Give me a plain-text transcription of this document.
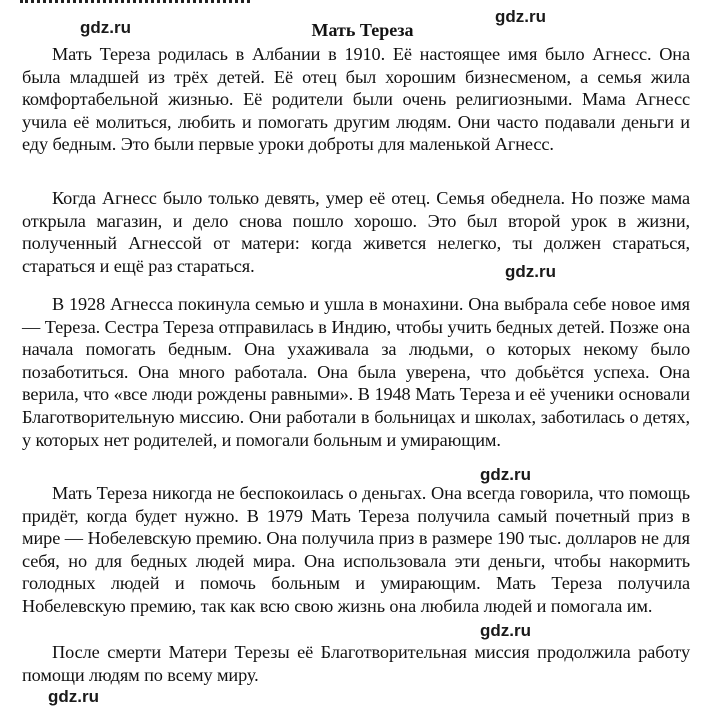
gdz.ru
gdz.ru
Мать Тереза

Мать Тереза родилась в Албании в 1910. Её настоящее имя было Агнесс. Она была младшей из трёх детей. Её отец был хорошим бизнесменом, а семья жила комфортабельной жизнью. Её родители были очень религиозными. Мама Агнесс учила её молиться, любить и помогать другим людям. Они часто подавали деньги и еду бедным. Это были первые уроки доброты для маленькой Агнесс.

Когда Агнесс было только девять, умер её отец. Семья обеднела. Но позже мама открыла магазин, и дело снова пошло хорошо. Это был второй урок в жизни, полученный Агнессой от матери: когда живется нелегко, ты должен стараться, стараться и ещё раз стараться.

В 1928 Агнесса покинула семью и ушла в монахини. Она выбрала себе новое имя — Тереза. Сестра Тереза отправилась в Индию, чтобы учить бедных детей. Позже она начала помогать бедным. Она ухаживала за людьми, о которых некому было позаботиться. Она много работала. Она была уверена, что добьётся успеха. Она верила, что «все люди рождены равными». В 1948 Мать Тереза и её ученики основали Благотворительную миссию. Они работали в больницах и школах, заботилась о детях, у которых нет родителей, и помогали больным и умирающим.

Мать Тереза никогда не беспокоилась о деньгах. Она всегда говорила, что помощь придёт, когда будет нужно. В 1979 Мать Тереза получила самый почетный приз в мире — Нобелевскую премию. Она получила приз в размере 190 тыс. долларов не для себя, но для бедных людей мира. Она использовала эти деньги, чтобы накормить голодных людей и помочь больным и умирающим. Мать Тереза получила Нобелевскую премию, так как всю свою жизнь она любила людей и помогала им.

После смерти Матери Терезы её Благотворительная миссия продолжила работу помощи людям по всему миру.

gdz.ru
gdz.ru
gdz.ru
gdz.ru
